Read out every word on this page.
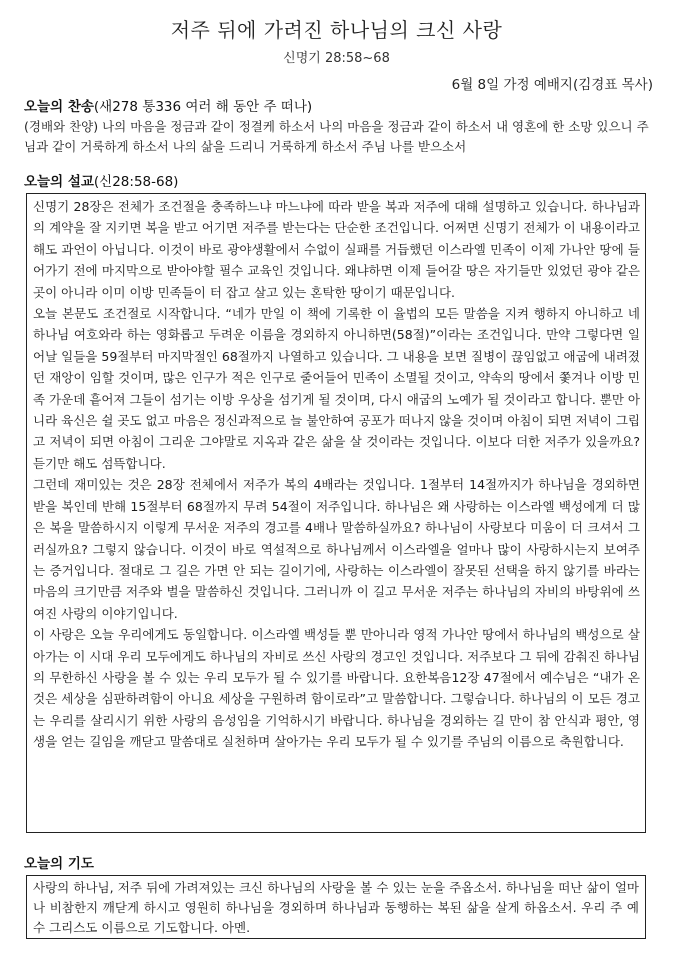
저주 뒤에 가려진 하나님의 크신 사랑
신명기 28:58~68
6월 8일 가정 예배지(김경표 목사)
오늘의 찬송(새278 통336 여러 해 동안 주 떠나)
(경배와 찬양) 나의 마음을 정금과 같이 정결케 하소서 나의 마음을 정금과 같이 하소서 내 영혼에 한 소망 있으니 주님과 같이 거룩하게 하소서 나의 삶을 드리니 거룩하게 하소서 주님 나를 받으소서
오늘의 설교(신28:58-68)

신명기 28장은 전체가 조건절을 충족하느냐 마느냐에 따라 받을 복과 저주에 대해 설명하고 있습니다. 하나님과의 계약을 잘 지키면 복을 받고 어기면 저주를 받는다는 단순한 조건입니다. 어쩌면 신명기 전체가 이 내용이라고 해도 과언이 아닙니다. 이것이 바로 광야생활에서 수없이 실패를 거듭했던 이스라엘 민족이 이제 가나안 땅에 들어가기 전에 마지막으로 받아야할 필수 교육인 것입니다. 왜냐하면 이제 들어갈 땅은 자기들만 있었던 광야 같은 곳이 아니라 이미 이방 민족들이 터 잡고 살고 있는 혼탁한 땅이기 때문입니다.

오늘 본문도 조건절로 시작합니다. “네가 만일 이 책에 기록한 이 율법의 모든 말씀을 지켜 행하지 아니하고 네 하나님 여호와라 하는 영화롭고 두려운 이름을 경외하지 아니하면(58절)”이라는 조건입니다. 만약 그렇다면 일어날 일들을 59절부터 마지막절인 68절까지 나열하고 있습니다. 그 내용을 보면 질병이 끊임없고 애굽에 내려졌던 재앙이 임할 것이며, 많은 인구가 적은 인구로 줄어들어 민족이 소멸될 것이고, 약속의 땅에서 쫓겨나 이방 민족 가운데 흩어져 그들이 섬기는 이방 우상을 섬기게 될 것이며, 다시 애굽의 노예가 될 것이라고 합니다. 뿐만 아니라 육신은 쉴 곳도 없고 마음은 정신과적으로 늘 불안하여 공포가 떠나지 않을 것이며 아침이 되면 저녁이 그립고 저녁이 되면 아침이 그리운 그야말로 지옥과 같은 삶을 살 것이라는 것입니다. 이보다 더한 저주가 있을까요? 듣기만 해도 섬뜩합니다.

그런데 재미있는 것은 28장 전체에서 저주가 복의 4배라는 것입니다. 1절부터 14절까지가 하나님을 경외하면 받을 복인데 반해 15절부터 68절까지 무려 54절이 저주입니다. 하나님은 왜 사랑하는 이스라엘 백성에게 더 많은 복을 말씀하시지 이렇게 무서운 저주의 경고를 4배나 말씀하실까요? 하나님이 사랑보다 미움이 더 크셔서 그러실까요? 그렇지 않습니다. 이것이 바로 역설적으로 하나님께서 이스라엘을 얼마나 많이 사랑하시는지 보여주는 증거입니다. 절대로 그 길은 가면 안 되는 길이기에, 사랑하는 이스라엘이 잘못된 선택을 하지 않기를 바라는 마음의 크기만큼 저주와 벌을 말씀하신 것입니다. 그러니까 이 길고 무서운 저주는 하나님의 자비의 바탕위에 쓰여진 사랑의 이야기입니다.

이 사랑은 오늘 우리에게도 동일합니다. 이스라엘 백성들 뿐 만아니라 영적 가나안 땅에서 하나님의 백성으로 살아가는 이 시대 우리 모두에게도 하나님의 자비로 쓰신 사랑의 경고인 것입니다. 저주보다 그 뒤에 감춰진 하나님의 무한하신 사랑을 볼 수 있는 우리 모두가 될 수 있기를 바랍니다. 요한복음12장 47절에서 예수님은 “내가 온 것은 세상을 심판하려함이 아니요 세상을 구원하려 함이로라”고 말씀합니다. 그렇습니다. 하나님의 이 모든 경고는 우리를 살리시기 위한 사랑의 음성임을 기억하시기 바랍니다. 하나님을 경외하는 길 만이 참 안식과 평안, 영생을 얻는 길임을 깨닫고 말씀대로 실천하며 살아가는 우리 모두가 될 수 있기를 주님의 이름으로 축원합니다.

오늘의 기도
사랑의 하나님, 저주 뒤에 가려져있는 크신 하나님의 사랑을 볼 수 있는 눈을 주옵소서. 하나님을 떠난 삶이 얼마나 비참한지 깨닫게 하시고 영원히 하나님을 경외하며 하나님과 동행하는 복된 삶을 살게 하옵소서. 우리 주 예수 그리스도 이름으로 기도합니다. 아멘.
